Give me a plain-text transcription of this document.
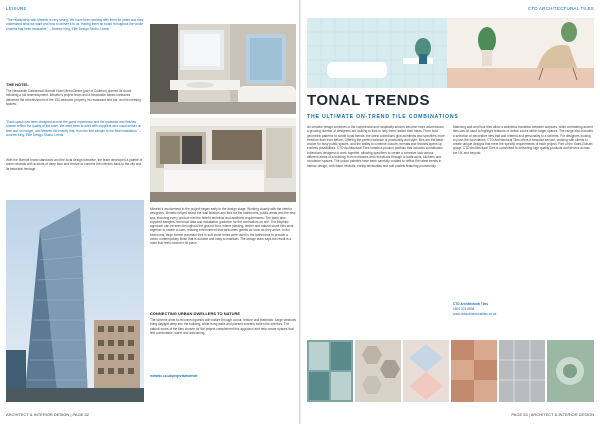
LEISURE

"The relationship with Mimetic is very strong. We have been working with them for years and they understand what we want and how to deliver it to us. Having them on board throughout the whole process has been invaluable." – Andrew King, Elite Design Studio, Leeds

THE HOTEL

The Newcastle Gateshead Marriott Hotel MetroCentre (part of Colleton) opened its doors following a full redevelopment. Mimetic's project team and a Newcastle based contractor delivered the refurbishment of the 150-bedroom property, its restaurant and bar, and its meeting spaces.

"Each space has been designed around the guest experience and the materials and finishes chosen reflect the quality of the hotel. We were keen to work with suppliers who could deliver on time and on budget, and Mimetic did exactly that, from the first sample to the final installation." – Andrew King, Elite Design Studio, Leeds

With the Marriott brand standards and the local design narrative, the team developed a palette of warm neutrals with accents of deep blue and bronze to connect the interiors back to the city and its industrial heritage.

Mimetic's involvement in the project began early in the design stage. Working closely with the interior designers, Mimetic helped select the wall finishes and tiles for the bathrooms, public areas and the new spa, ensuring every product met the hotel's technical and aesthetic requirements. The team also supplied samples, technical data and installation guidance for the contractors on site. The biophilic approach can be seen throughout the ground floor, where planting, timber and natural stone tiles work together to create a calm, relaxing environment that welcomes guests as soon as they arrive. In the bedrooms, large format porcelain tiles in soft stone tones were used in the bathrooms to provide a clean, contemporary finish that is durable and easy to maintain. The design team says the result is a hotel that feels rooted in its place.

CONNECTING URBAN DWELLERS TO NATURE

The scheme aims to reconnect guests with nature through colour, texture and materials. Large windows bring daylight deep into the building, while living walls and planted screens soften the interiors. The natural tones of the tiles chosen for the project complement this approach and help create spaces that feel comfortable, warm and welcoming.

mimetic.co.uk/projects/marriott
ARCHITECT & INTERIOR DESIGN | PAGE 52
CTD ARCHITECTURAL TILES
TONAL TRENDS
THE ULTIMATE ON-TREND TILE COMBINATIONS

As creative design schemes in the commercial and hospitality sectors become more adventurous, a growing number of designers are looking to tiles to help them realise their ideas. From bold geometric patterns to subtle tonal blends, the latest collections give architects and specifiers more freedom than ever before. Offering the perfect balance of practicality and style, tiles are the ideal choice for busy public spaces, and the ability to combine colours, formats and finishes opens up endless possibilities. CTD Architectural Tiles boasts a product portfolio that includes coordinated collections designed to work together, allowing specifiers to create a cohesive look across different areas of a building, from entrances and receptions through to bathrooms, kitchens and circulation spaces. The colour palettes have been carefully curated to reflect the latest trends in interior design, with warm neutrals, earthy terracottas and soft pastels featuring prominently.

Matching wall and floor tiles allow a seamless transition between surfaces, while contrasting accent tiles can be used to highlight features or define zones within larger spaces. The range also includes a selection of decorative tiles that add interest and personality to a scheme. For designers looking to push the boundaries, CTD Architectural Tiles offers a bespoke service, working with clients to create unique designs that meet the specific requirements of each project. Part of the Saint-Gobain group, CTD Architectural Tiles is committed to delivering high quality products and service across the UK and beyond.

CTD Architectural Tiles
0800 021 6838
www.ctdarchitecturaltiles.co.uk
PAGE 53 | ARCHITECT & INTERIOR DESIGN
